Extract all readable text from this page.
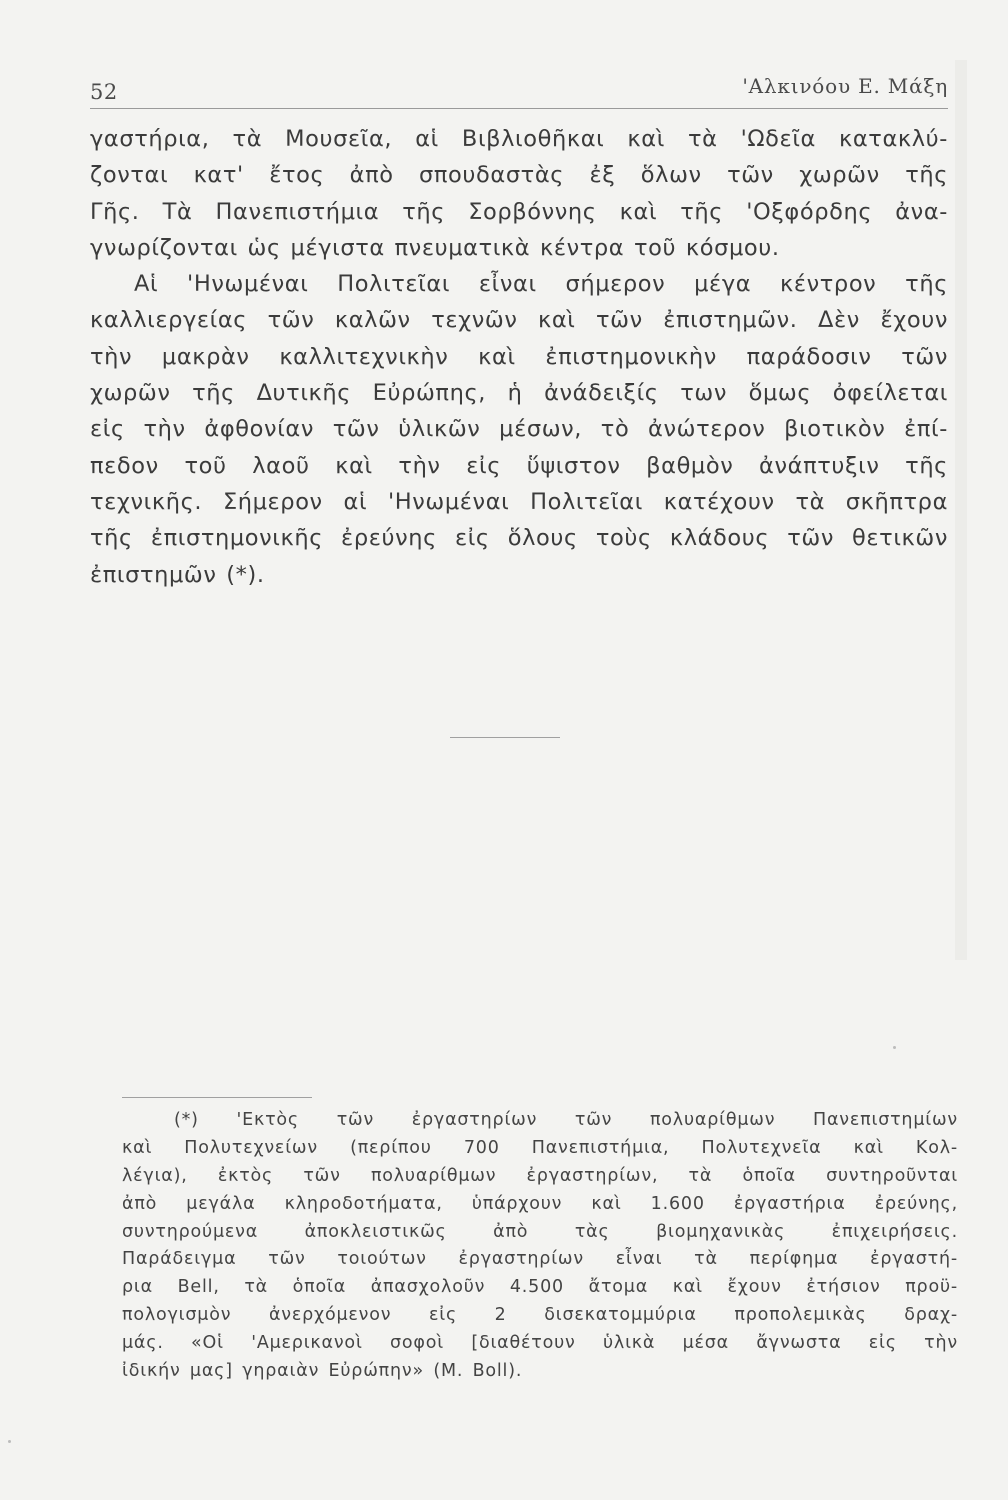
52	'Αλκινόου Ε. Μάξη
γαστήρια, τὰ Μουσεῖα, αἱ Βιβλιοθῆκαι καὶ τὰ 'Ωδεῖα κατακλύ-
ζονται κατ' ἔτος ἀπὸ σπουδαστὰς ἐξ ὅλων τῶν χωρῶν τῆς
Γῆς. Τὰ Πανεπιστήμια τῆς Σορβόννης καὶ τῆς 'Οξφόρδης ἀνα-
γνωρίζονται ὡς μέγιστα πνευματικὰ κέντρα τοῦ κόσμου.
Αἱ 'Ηνωμέναι Πολιτεῖαι εἶναι σήμερον μέγα κέντρον τῆς
καλλιεργείας τῶν καλῶν τεχνῶν καὶ τῶν ἐπιστημῶν. Δὲν ἔχουν
τὴν μακρὰν καλλιτεχνικὴν καὶ ἐπιστημονικὴν παράδοσιν τῶν
χωρῶν τῆς Δυτικῆς Εὐρώπης, ἡ ἀνάδειξίς των ὅμως ὀφείλεται
εἰς τὴν ἀφθονίαν τῶν ὑλικῶν μέσων, τὸ ἀνώτερον βιοτικὸν ἐπί-
πεδον τοῦ λαοῦ καὶ τὴν εἰς ὕψιστον βαθμὸν ἀνάπτυξιν τῆς
τεχνικῆς. Σήμερον αἱ 'Ηνωμέναι Πολιτεῖαι κατέχουν τὰ σκῆπτρα
τῆς ἐπιστημονικῆς ἐρεύνης εἰς ὅλους τοὺς κλάδους τῶν θετικῶν
ἐπιστημῶν (*).
(*) 'Εκτὸς τῶν ἐργαστηρίων τῶν πολυαρίθμων Πανεπιστημίων
καὶ Πολυτεχνείων (περίπου 700 Πανεπιστήμια, Πολυτεχνεῖα καὶ Κολ-
λέγια), ἐκτὸς τῶν πολυαρίθμων ἐργαστηρίων, τὰ ὁποῖα συντηροῦνται
ἀπὸ μεγάλα κληροδοτήματα, ὑπάρχουν καὶ 1.600 ἐργαστήρια ἐρεύνης,
συντηρούμενα ἀποκλειστικῶς ἀπὸ τὰς βιομηχανικὰς ἐπιχειρήσεις.
Παράδειγμα τῶν τοιούτων ἐργαστηρίων εἶναι τὰ περίφημα ἐργαστή-
ρια Bell, τὰ ὁποῖα ἀπασχολοῦν 4.500 ἄτομα καὶ ἔχουν ἐτήσιον προϋ-
πολογισμὸν ἀνερχόμενον εἰς 2 δισεκατομμύρια προπολεμικὰς δραχ-
μάς. «Οἱ 'Αμερικανοὶ σοφοὶ [διαθέτουν ὑλικὰ μέσα ἄγνωστα εἰς τὴν
ἰδικήν μας] γηραιὰν Εὐρώπην» (M. Boll).
